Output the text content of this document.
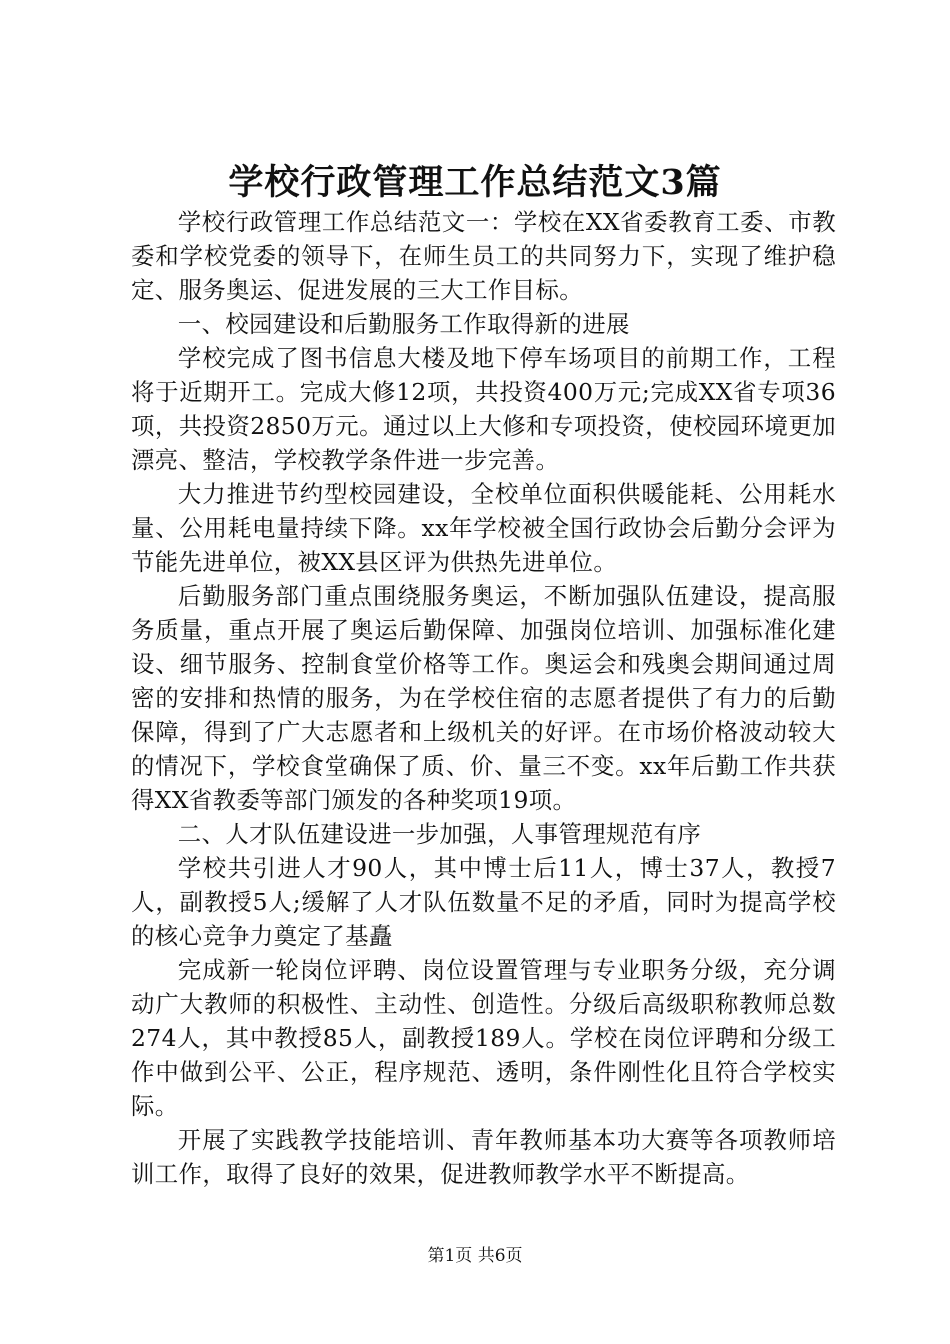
学校行政管理工作总结范文3篇

学校行政管理工作总结范文一：学校在XX省委教育工委、市教委和学校党委的领导下，在师生员工的共同努力下，实现了维护稳定、服务奥运、促进发展的三大工作目标。

一、校园建设和后勤服务工作取得新的进展

学校完成了图书信息大楼及地下停车场项目的前期工作，工程将于近期开工。完成大修12项，共投资400万元;完成XX省专项36项，共投资2850万元。通过以上大修和专项投资，使校园环境更加漂亮、整洁，学校教学条件进一步完善。

大力推进节约型校园建设，全校单位面积供暖能耗、公用耗水量、公用耗电量持续下降。xx年学校被全国行政协会后勤分会评为节能先进单位，被XX县区评为供热先进单位。

后勤服务部门重点围绕服务奥运，不断加强队伍建设，提高服务质量，重点开展了奥运后勤保障、加强岗位培训、加强标准化建设、细节服务、控制食堂价格等工作。奥运会和残奥会期间通过周密的安排和热情的服务，为在学校住宿的志愿者提供了有力的后勤保障，得到了广大志愿者和上级机关的好评。在市场价格波动较大的情况下，学校食堂确保了质、价、量三不变。xx年后勤工作共获得XX省教委等部门颁发的各种奖项19项。

二、人才队伍建设进一步加强，人事管理规范有序

学校共引进人才90人，其中博士后11人，博士37人，教授7人，副教授5人;缓解了人才队伍数量不足的矛盾，同时为提高学校的核心竞争力奠定了基矗

完成新一轮岗位评聘、岗位设置管理与专业职务分级，充分调动广大教师的积极性、主动性、创造性。分级后高级职称教师总数274人，其中教授85人，副教授189人。学校在岗位评聘和分级工作中做到公平、公正，程序规范、透明，条件刚性化且符合学校实际。

开展了实践教学技能培训、青年教师基本功大赛等各项教师培训工作，取得了良好的效果，促进教师教学水平不断提高。

第1页 共6页
